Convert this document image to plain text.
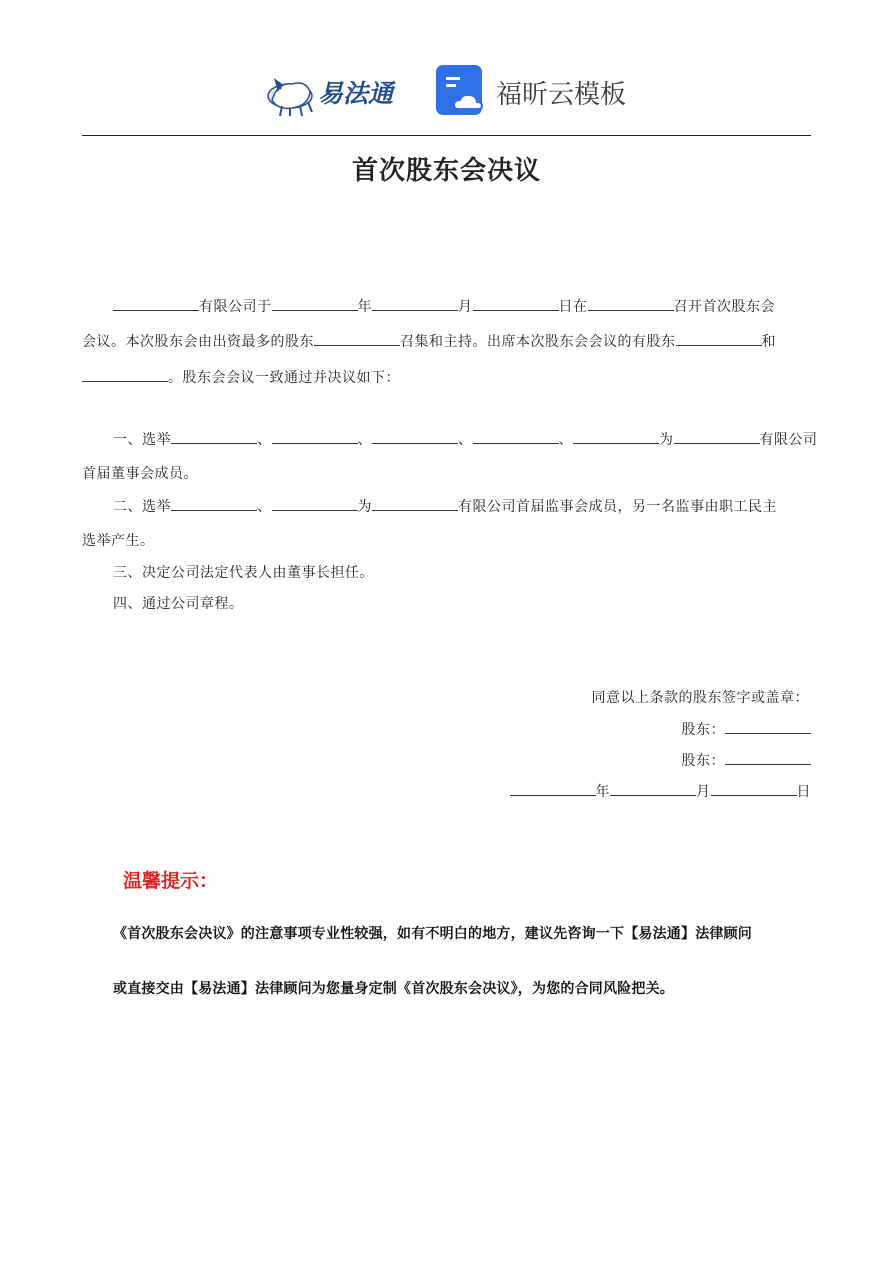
易法通	福昕云模板
首次股东会决议
有限公司于	年	月	日在	召开首次股东会
会议。本次股东会由出资最多的股东	召集和主持。出席本次股东会会议的有股东	和
。股东会会议一致通过并决议如下：
一、选举	、	、	、	、	为	有限公司
首届董事会成员。
二、选举	、	为	有限公司首届监事会成员，另一名监事由职工民主
选举产生。
三、决定公司法定代表人由董事长担任。
四、通过公司章程。
同意以上条款的股东签字或盖章：
股东：
股东：
年	月	日
温馨提示：
《首次股东会决议》的注意事项专业性较强，如有不明白的地方，建议先咨询一下【易法通】法律顾问
或直接交由【易法通】法律顾问为您量身定制《首次股东会决议》，为您的合同风险把关。
